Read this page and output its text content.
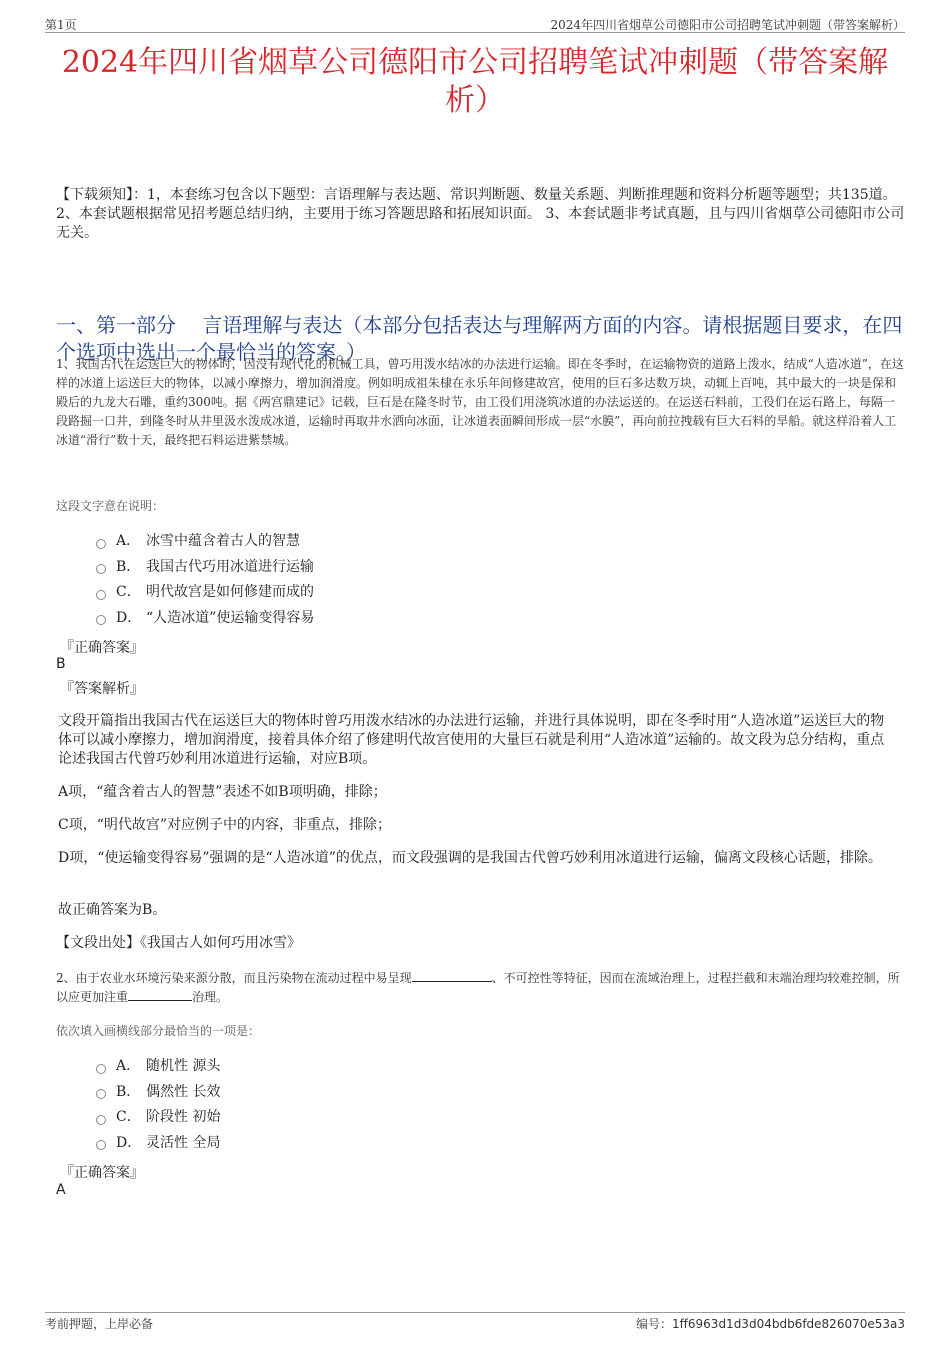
第1页	2024年四川省烟草公司德阳市公司招聘笔试冲刺题（带答案解析）
2024年四川省烟草公司德阳市公司招聘笔试冲刺题（带答案解析）
【下载须知】：1，本套练习包含以下题型：言语理解与表达题、常识判断题、数量关系题、判断推理题和资料分析题等题型；共135道。 2、本套试题根据常见招考题总结归纳，主要用于练习答题思路和拓展知识面。 3、本套试题非考试真题，且与四川省烟草公司德阳市公司无关。
一、第一部分　 言语理解与表达（本部分包括表达与理解两方面的内容。请根据题目要求，在四个选项中选出一个最恰当的答案。）
1、我国古代在运送巨大的物体时，因没有现代化的机械工具，曾巧用泼水结冰的办法进行运输。即在冬季时，在运输物资的道路上泼水，结成“人造冰道”，在这样的冰道上运送巨大的物体，以减小摩擦力，增加润滑度。例如明成祖朱棣在永乐年间修建故宫，使用的巨石多达数万块，动辄上百吨，其中最大的一块是保和殿后的九龙大石雕，重约300吨。据《两宫鼎建记》记载，巨石是在隆冬时节，由工役们用浇筑冰道的办法运送的。在运送石料前，工役们在运石路上，每隔一段路掘一口井，到隆冬时从井里汲水泼成冰道，运输时再取井水洒向冰面，让冰道表面瞬间形成一层“水膜”，再向前拉拽载有巨大石料的旱船。就这样沿着人工冰道“滑行”数十天，最终把石料运进紫禁城。
这段文字意在说明：
A． 冰雪中蕴含着古人的智慧
B． 我国古代巧用冰道进行运输
C． 明代故宫是如何修建而成的
D． “人造冰道”使运输变得容易
『正确答案』
B
『答案解析』
文段开篇指出我国古代在运送巨大的物体时曾巧用泼水结冰的办法进行运输，并进行具体说明，即在冬季时用“人造冰道”运送巨大的物体可以减小摩擦力，增加润滑度，接着具体介绍了修建明代故宫使用的大量巨石就是利用“人造冰道”运输的。故文段为总分结构，重点论述我国古代曾巧妙利用冰道进行运输，对应B项。
A项，“蕴含着古人的智慧”表述不如B项明确，排除；
C项，“明代故宫”对应例子中的内容，非重点，排除；
D项，“使运输变得容易”强调的是“人造冰道”的优点，而文段强调的是我国古代曾巧妙利用冰道进行运输，偏离文段核心话题，排除。
故正确答案为B。
【文段出处】《我国古人如何巧用冰雪》
2、由于农业水环境污染来源分散，而且污染物在流动过程中易呈现	、不可控性等特征，因而在流域治理上，过程拦截和末端治理均较难控制，所以应更加注重	治理。
依次填入画横线部分最恰当的一项是：
A． 随机性 源头
B． 偶然性 长效
C． 阶段性 初始
D． 灵活性 全局
『正确答案』
A
考前押题，上岸必备	编号：1ff6963d1d3d04bdb6fde826070e53a3
